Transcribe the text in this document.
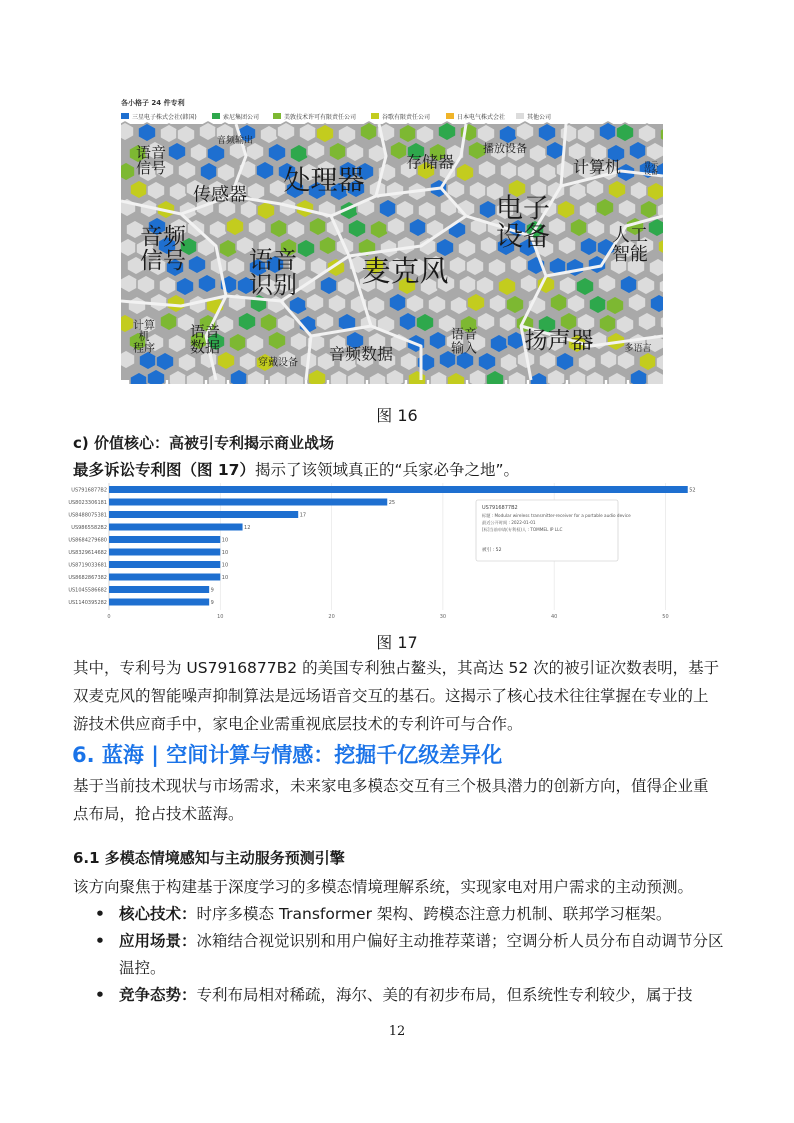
各小格子 24 件专利
三星电子株式会社(韩国)	索尼集团公司	美敦技术许可有限责任公司	谷歌有限责任公司	日本电气株式会社	其他公司
语音信号
音频输出
处理器
存储器
播放设备
计算机	显示设备
传感器	电子设备	人工智能
音频信号	语音识别 麦克风
扬声器
计算机程序
语音数据
穿戴设备 音频数据
语音输入	多语言
图 16
c) 价值核心：高被引专利揭示商业战场
最多诉讼专利图（图 17）揭示了该领域真正的“兵家必争之地”。
US7916877B2
US8023306181
US8488075381
US9865582B2
US8684279680
US8329614682
US8719033681
US8682867382
US1045586682
US1140395282
52
25
17
12
10
10
10
10
9
9
0	10	20	30	40	50
US7916877B2
标题 : Modular wireless transmitter-receiver for a portable audio device
最近公开时间 : 2022-01-01
[标]当前申请(专利权)人 : TOMMEL IP LLC
被引 : 52
图 17
其中，专利号为 US7916877B2 的美国专利独占鳌头，其高达 52 次的被引证次数表明，基于双麦克风的智能噪声抑制算法是远场语音交互的基石。这揭示了核心技术往往掌握在专业的上游技术供应商手中，家电企业需重视底层技术的专利许可与合作。
6. 蓝海 | 空间计算与情感：挖掘千亿级差异化
基于当前技术现状与市场需求，未来家电多模态交互有三个极具潜力的创新方向，值得企业重点布局，抢占技术蓝海。
6.1 多模态情境感知与主动服务预测引擎
该方向聚焦于构建基于深度学习的多模态情境理解系统，实现家电对用户需求的主动预测。
• 核心技术：时序多模态 Transformer 架构、跨模态注意力机制、联邦学习框架。
• 应用场景：冰箱结合视觉识别和用户偏好主动推荐菜谱；空调分析人员分布自动调节分区温控。
• 竞争态势：专利布局相对稀疏，海尔、美的有初步布局，但系统性专利较少，属于技
12
